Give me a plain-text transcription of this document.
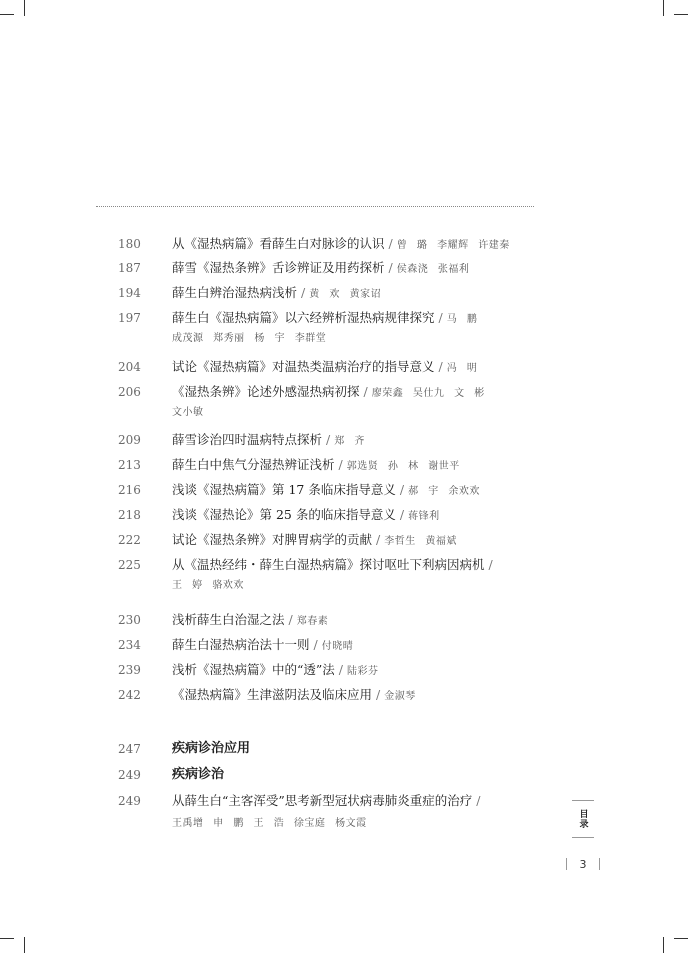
180	从《湿热病篇》看薛生白对脉诊的认识 / 曾 璐 李耀辉 许建秦
187	薛雪《湿热条辨》舌诊辨证及用药探析 / 侯森浇 张福利
194	薛生白辨治湿热病浅析 / 黄 欢 黄家诏
197	薛生白《湿热病篇》以六经辨析湿热病规律探究 / 马 鹏
成茂源 郑秀丽 杨 宇 李群堂
204	试论《湿热病篇》对温热类温病治疗的指导意义 / 冯 明
206	《湿热条辨》论述外感湿热病初探 / 廖荣鑫 吴仕九 文 彬
文小敏
209	薛雪诊治四时温病特点探析 / 郑 齐
213	薛生白中焦气分湿热辨证浅析 / 郭选贤 孙 林 谢世平
216	浅谈《湿热病篇》第 17 条临床指导意义 / 郝 宇 余欢欢
218	浅谈《湿热论》第 25 条的临床指导意义 / 蒋锋利
222	试论《湿热条辨》对脾胃病学的贡献 / 李哲生 黄福斌
225	从《温热经纬・薛生白湿热病篇》探讨呕吐下利病因病机 /
王 婷 骆欢欢
230	浅析薛生白治湿之法 / 郑春素
234	薛生白湿热病治法十一则 / 付晓晴
239	浅析《湿热病篇》中的“透”法 / 陆彩芬
242	《湿热病篇》生津滋阴法及临床应用 / 金淑琴
247	疾病诊治应用
249	疾病诊治
249	从薛生白“主客浑受”思考新型冠状病毒肺炎重症的治疗 /
王禹增 申 鹏 王 浩 徐宝庭 杨文霞	目录
3
